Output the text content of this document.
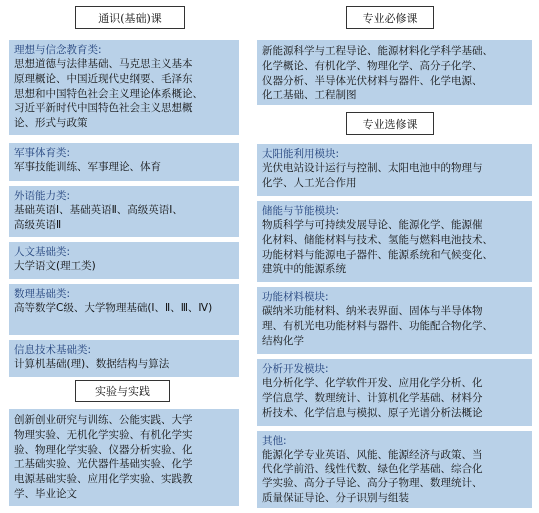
通识(基础)课	专业必修课
专业选修课
实验与实践
理想与信念教育类:
思想道德与法律基础、马克思主义基本
原理概论、中国近现代史纲要、毛泽东
思想和中国特色社会主义理论体系概论、
习近平新时代中国特色社会主义思想概
论、形式与政策
军事体育类:
军事技能训练、军事理论、体育
外语能力类:
基础英语Ⅰ、基础英语Ⅱ、高级英语Ⅰ、
高级英语Ⅱ
人文基础类:
大学语文(理工类)
数理基础类:
高等数学C级、大学物理基础(Ⅰ、Ⅱ、Ⅲ、Ⅳ)
信息技术基础类:
计算机基础(理)、数据结构与算法
创新创业研究与训练、公能实践、大学
物理实验、无机化学实验、有机化学实
验、物理化学实验、仪器分析实验、化
工基础实验、光伏器件基础实验、化学
电源基础实验、应用化学实验、实践教
学、毕业论文
新能源科学与工程导论、能源材料化学科学基础、
化学概论、有机化学、物理化学、高分子化学、
仪器分析、半导体光伏材料与器件、化学电源、
化工基础、工程制图
太阳能利用模块:
光伏电站设计运行与控制、太阳电池中的物理与
化学、人工光合作用
储能与节能模块:
物质科学与可持续发展导论、能源化学、能源催
化材料、储能材料与技术、氢能与燃料电池技术、
功能材料与能源电子器件、能源系统和气候变化、
建筑中的能源系统
功能材料模块:
碳纳米功能材料、纳米表界面、固体与半导体物
理、有机光电功能材料与器件、功能配合物化学、
结构化学
分析开发模块:
电分析化学、化学软件开发、应用化学分析、化
学信息学、数理统计、计算机化学基础、材料分
析技术、化学信息与模拟、原子光谱分析法概论
其他:
能源化学专业英语、风能、能源经济与政策、当
代化学前沿、线性代数、绿色化学基础、综合化
学实验、高分子导论、高分子物理、数理统计、
质量保证导论、分子识别与组装
